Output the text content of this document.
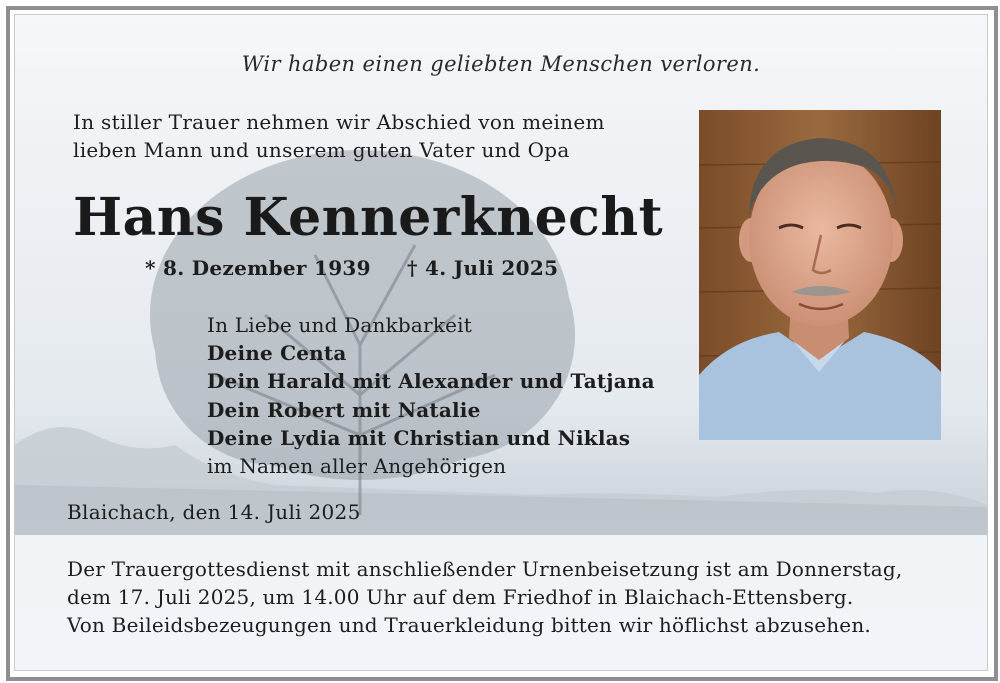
Wir haben einen geliebten Menschen verloren.
In stiller Trauer nehmen wir Abschied von meinem
lieben Mann und unserem guten Vater und Opa
Hans Kennerknecht
* 8. Dezember 1939 † 4. Juli 2025
In Liebe und Dankbarkeit
Deine Centa
Dein Harald mit Alexander und Tatjana
Dein Robert mit Natalie
Deine Lydia mit Christian und Niklas
im Namen aller Angehörigen
Blaichach, den 14. Juli 2025
Der Trauergottesdienst mit anschließender Urnenbeisetzung ist am Donnerstag,
dem 17. Juli 2025, um 14.00 Uhr auf dem Friedhof in Blaichach-Ettensberg.
Von Beileidsbezeugungen und Trauerkleidung bitten wir höflichst abzusehen.
